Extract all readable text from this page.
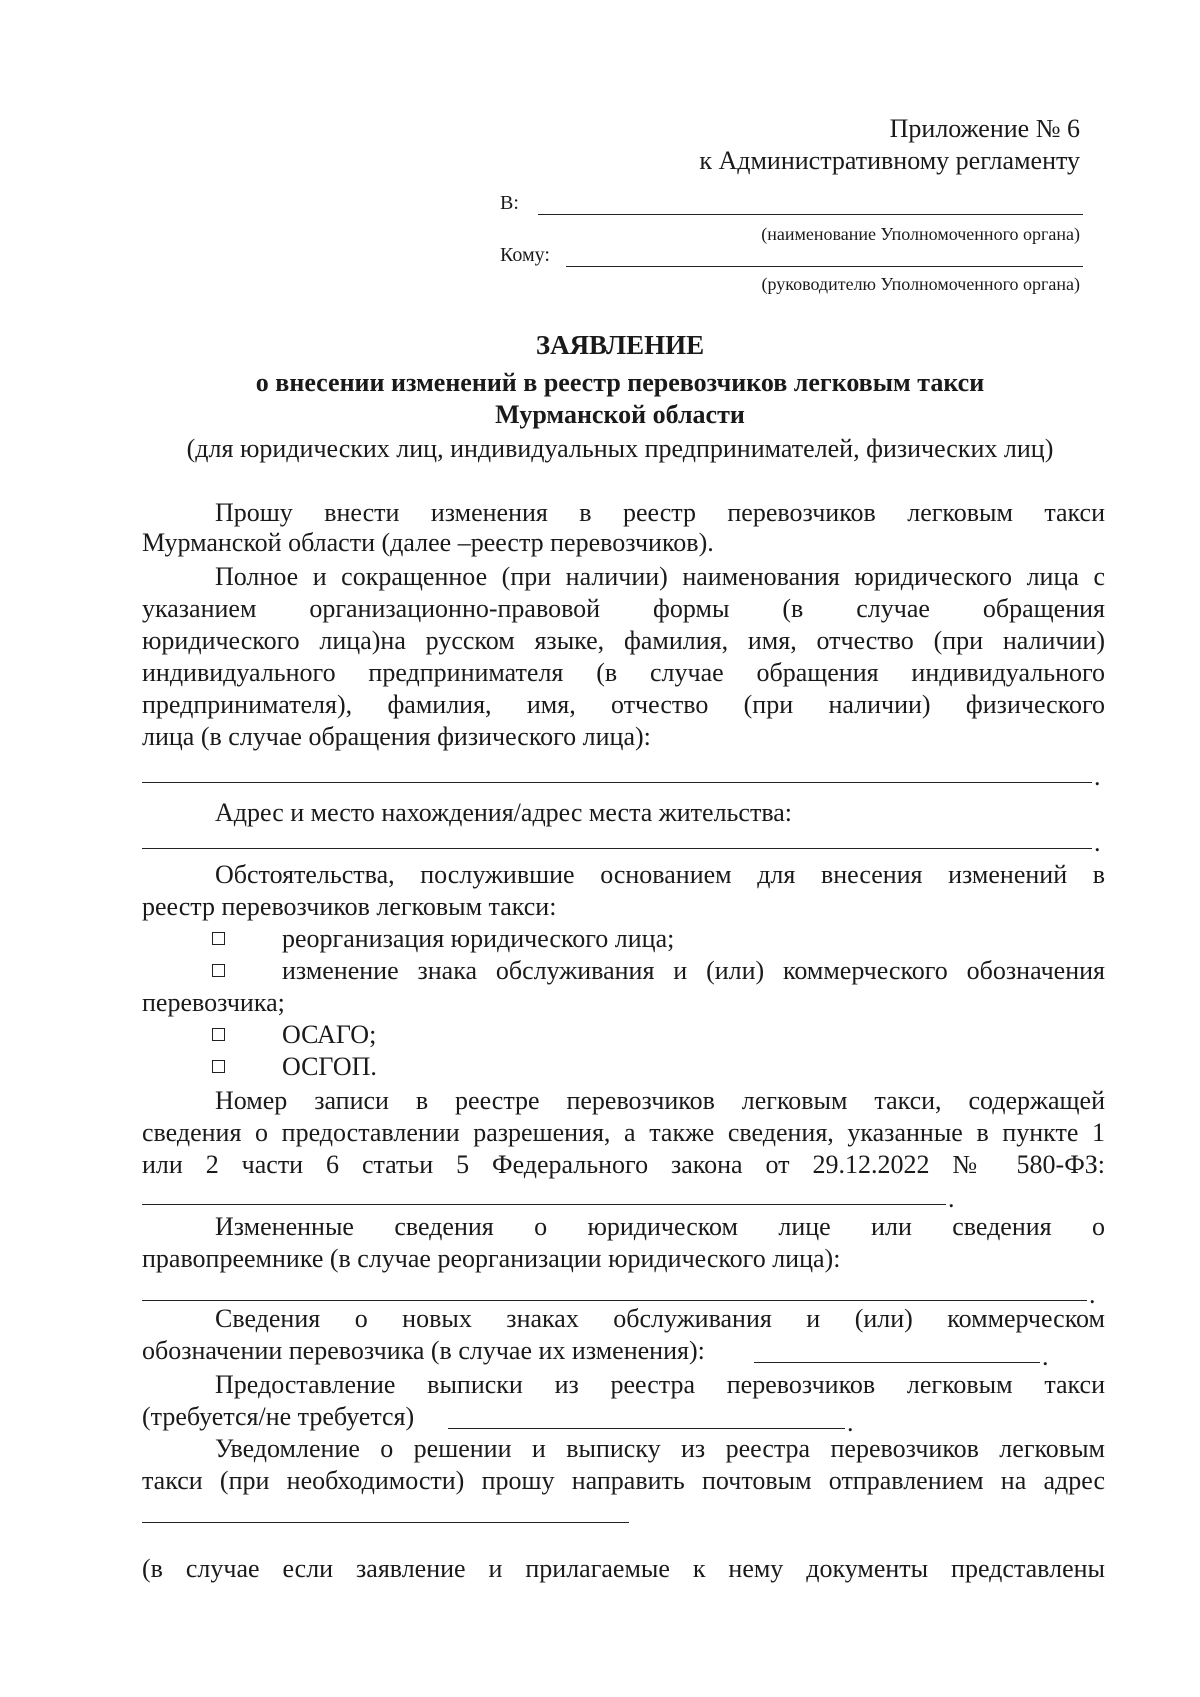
Приложение № 6
к Административному регламенту
В:
(наименование Уполномоченного органа)
Кому:
(руководителю Уполномоченного органа)
ЗАЯВЛЕНИЕ
о внесении изменений в реестр перевозчиков легковым такси
Мурманской области
(для юридических лиц, индивидуальных предпринимателей, физических лиц)
Прошу внести изменения в реестр перевозчиков легковым такси
Мурманской области (далее –реестр перевозчиков).
Полное и сокращенное (при наличии) наименования юридического лица с
указанием организационно-правовой формы (в случае обращения
юридического лица)на русском языке, фамилия, имя, отчество (при наличии)
индивидуального предпринимателя (в случае обращения индивидуального
предпринимателя), фамилия, имя, отчество (при наличии) физического
лица (в случае обращения физического лица):
.
Адрес и место нахождения/адрес места жительства:
.
Обстоятельства, послужившие основанием для внесения изменений в
реестр перевозчиков легковым такси:
реорганизация юридического лица;
изменение знака обслуживания и (или) коммерческого обозначения
перевозчика;
ОСАГО;
ОСГОП.
Номер записи в реестре перевозчиков легковым такси, содержащей
сведения о предоставлении разрешения, а также сведения, указанные в пункте 1
или 2 части 6 статьи 5 Федерального закона от 29.12.2022 № 580-ФЗ:
.
Измененные сведения о юридическом лице или сведения о
правопреемнике (в случае реорганизации юридического лица):
.
Сведения о новых знаках обслуживания и (или) коммерческом
обозначении перевозчика (в случае их изменения):	.
Предоставление выписки из реестра перевозчиков легковым такси
(требуется/не требуется)	.
Уведомление о решении и выписку из реестра перевозчиков легковым
такси (при необходимости) прошу направить почтовым отправлением на адрес
(в случае если заявление и прилагаемые к нему документы представлены
